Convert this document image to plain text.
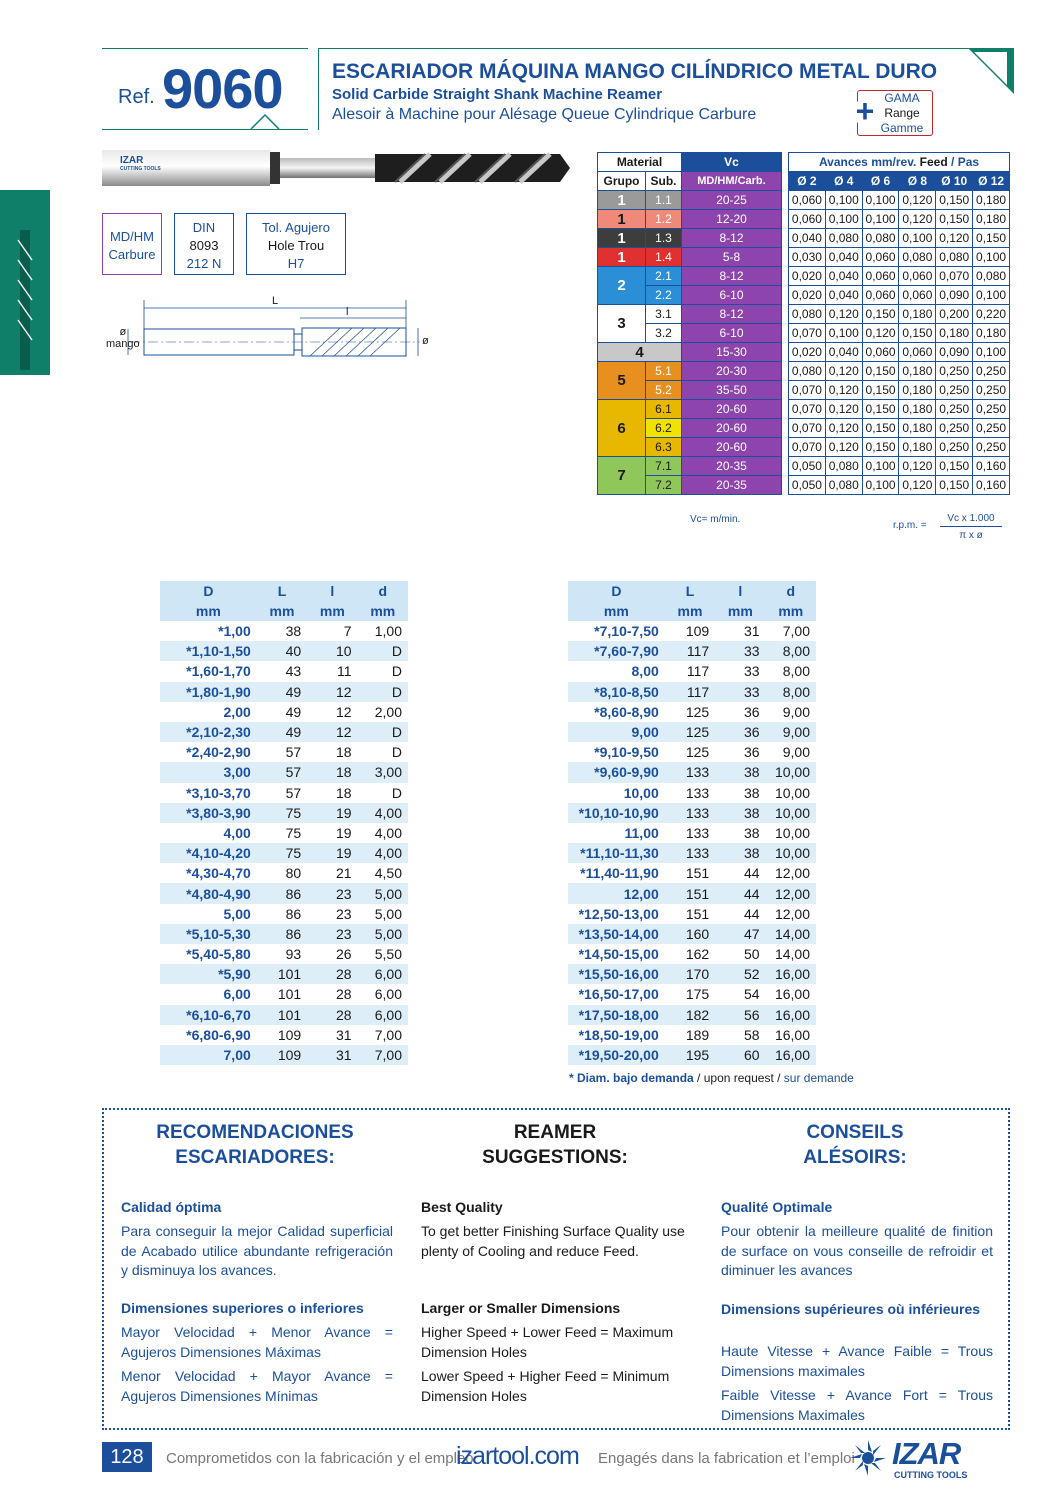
Ref. 9060 ESCARIADOR MÁQUINA MANGO CILÍNDRICO METAL DURO
Solid Carbide Straight Shank Machine Reamer
Alesoir à Machine pour Alésage Queue Cylindrique Carbure	+ GAMA
Range
Gamme
IZAR
CUTTING TOOLS
MD/HM
Carbure
DIN
8093
212 N
Tol. Agujero
Hole Trou
H7
L
l
ø
mango	ø
Material		Vc
Grupo	Sub.	MD/HM/Carb.
1	1.1	20-25
1	1.2	12-20
1	1.3	8-12
1	1.4	5-8
2	2.1	8-12
	2.2	6-10
3	3.1	8-12
	3.2	6-10
4		15-30
5	5.1	20-30
	5.2	35-50
6	6.1	20-60
	6.2	20-60
	6.3	20-60
7	7.1	20-35
	7.2	20-35
Avances mm/rev. Feed / Pas					
Ø 2	Ø 4	Ø 6	Ø 8	Ø 10	Ø 12
0,060	0,100	0,100	0,120	0,150	0,180
0,060	0,100	0,100	0,120	0,150	0,180
0,040	0,080	0,080	0,100	0,120	0,150
0,030	0,040	0,060	0,080	0,080	0,100
0,020	0,040	0,060	0,060	0,070	0,080
0,020	0,040	0,060	0,060	0,090	0,100
0,080	0,120	0,150	0,180	0,200	0,220
0,070	0,100	0,120	0,150	0,180	0,180
0,020	0,040	0,060	0,060	0,090	0,100
0,080	0,120	0,150	0,180	0,250	0,250
0,070	0,120	0,150	0,180	0,250	0,250
0,070	0,120	0,150	0,180	0,250	0,250
0,070	0,120	0,150	0,180	0,250	0,250
0,070	0,120	0,150	0,180	0,250	0,250
0,050	0,080	0,100	0,120	0,150	0,160
0,050	0,080	0,100	0,120	0,150	0,160
Vc= m/min.
r.p.m. =
Vc x 1.000
π x ø
D	L	l	d
mm	mm	mm	mm
*1,00	38	7	1,00
*1,10-1,50	40	10	D
*1,60-1,70	43	11	D
*1,80-1,90	49	12	D
2,00	49	12	2,00
*2,10-2,30	49	12	D
*2,40-2,90	57	18	D
3,00	57	18	3,00
*3,10-3,70	57	18	D
*3,80-3,90	75	19	4,00
4,00	75	19	4,00
*4,10-4,20	75	19	4,00
*4,30-4,70	80	21	4,50
*4,80-4,90	86	23	5,00
5,00	86	23	5,00
*5,10-5,30	86	23	5,00
*5,40-5,80	93	26	5,50
*5,90	101	28	6,00
6,00	101	28	6,00
*6,10-6,70	101	28	6,00
*6,80-6,90	109	31	7,00
7,00	109	31	7,00
D	L	l	d
mm	mm	mm	mm
*7,10-7,50	109	31	7,00
*7,60-7,90	117	33	8,00
8,00	117	33	8,00
*8,10-8,50	117	33	8,00
*8,60-8,90	125	36	9,00
9,00	125	36	9,00
*9,10-9,50	125	36	9,00
*9,60-9,90	133	38	10,00
10,00	133	38	10,00
*10,10-10,90	133	38	10,00
11,00	133	38	10,00
*11,10-11,30	133	38	10,00
*11,40-11,90	151	44	12,00
12,00	151	44	12,00
*12,50-13,00	151	44	12,00
*13,50-14,00	160	47	14,00
*14,50-15,00	162	50	14,00
*15,50-16,00	170	52	16,00
*16,50-17,00	175	54	16,00
*17,50-18,00	182	56	16,00
*18,50-19,00	189	58	16,00
*19,50-20,00	195	60	16,00
* Diam. bajo demanda / upon request / sur demande
RECOMENDACIONES
ESCARIADORES:
REAMER
SUGGESTIONS:
CONSEILS
ALÉSOIRS:
Calidad óptima
Para conseguir la mejor Calidad superficial de Acabado utilice abundante refrigeración y disminuya los avances.
Dimensiones superiores o inferiores
Mayor Velocidad + Menor Avance = Agujeros Dimensiones Máximas
Menor Velocidad + Mayor Avance = Agujeros Dimensiones Mínimas
Best Quality
To get better Finishing Surface Quality use plenty of Cooling and reduce Feed.
Larger or Smaller Dimensions
Higher Speed + Lower Feed = Maximum Dimension Holes
Lower Speed + Higher Feed = Minimum Dimension Holes
Qualité Optimale
Pour obtenir la meilleure qualité de finition de surface on vous conseille de refroidir et diminuer les avances
Dimensions supérieures où inférieures
Haute Vitesse + Avance Faible = Trous Dimensions maximales
Faible Vitesse + Avance Fort = Trous Dimensions Maximales
128	Comprometidos con la fabricación y el empleo
izartool.com Engagés dans la fabrication et l’emploi IZAR
CUTTING TOOLS
